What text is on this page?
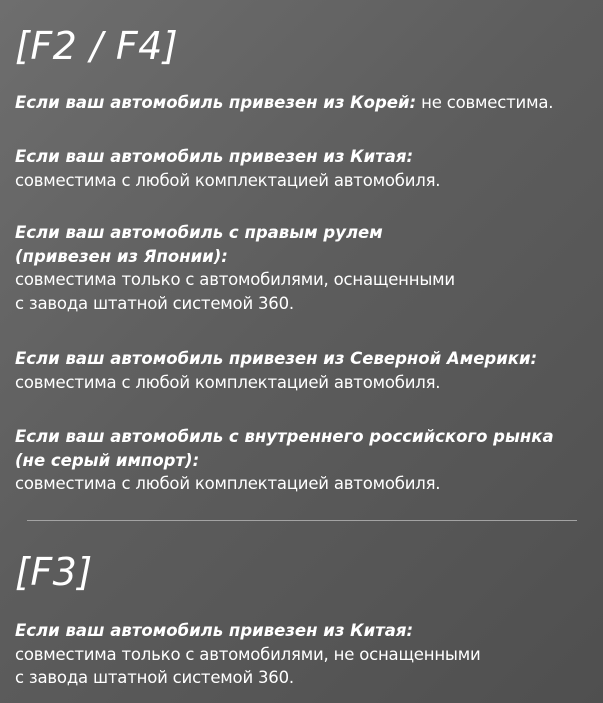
[F2 / F4]
Если ваш автомобиль привезен из Корей: не совместима.
Если ваш автомобиль привезен из Китая:
совместима с любой комплектацией автомобиля.
Если ваш автомобиль с правым рулем
(привезен из Японии):
совместима только с автомобилями, оснащенными
с завода штатной системой 360.
Если ваш автомобиль привезен из Северной Америки:
совместима с любой комплектацией автомобиля.
Если ваш автомобиль с внутреннего российского рынка
(не серый импорт):
совместима с любой комплектацией автомобиля.
[F3]
Если ваш автомобиль привезен из Китая:
совместима только с автомобилями, не оснащенными
с завода штатной системой 360.
